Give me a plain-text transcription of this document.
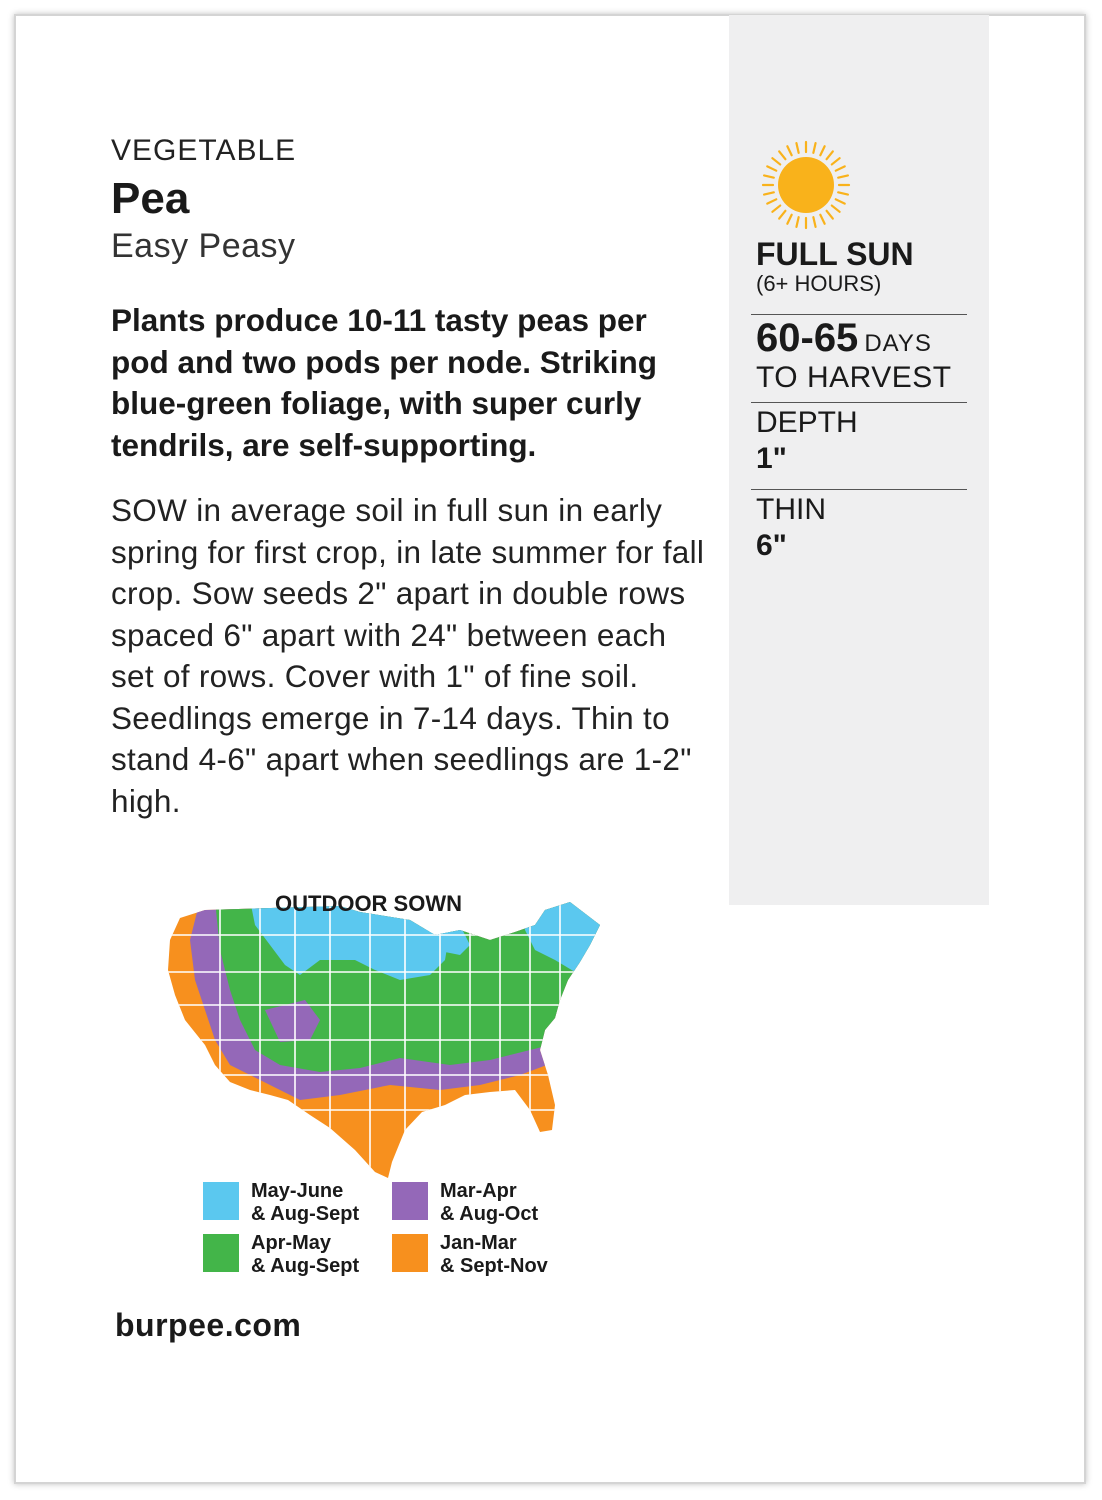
VEGETABLE
Pea
Easy Peasy
Plants produce 10-11 tasty peas per pod and two pods per node. Striking blue-green foliage, with super curly tendrils, are self-supporting.
SOW in average soil in full sun in early spring for first crop, in late summer for fall crop. Sow seeds 2" apart in double rows spaced 6" apart with 24" between each set of rows. Cover with 1" of fine soil. Seedlings emerge in 7-14 days. Thin to stand 4-6" apart when seedlings are 1-2" high.
FULL SUN
(6+ HOURS)
60-65 DAYS
TO HARVEST
DEPTH
1"
THIN
6"
OUTDOOR SOWN
May-June
& Aug-Sept
Mar-Apr
& Aug-Oct
Apr-May
& Aug-Sept
Jan-Mar
& Sept-Nov
burpee.com
